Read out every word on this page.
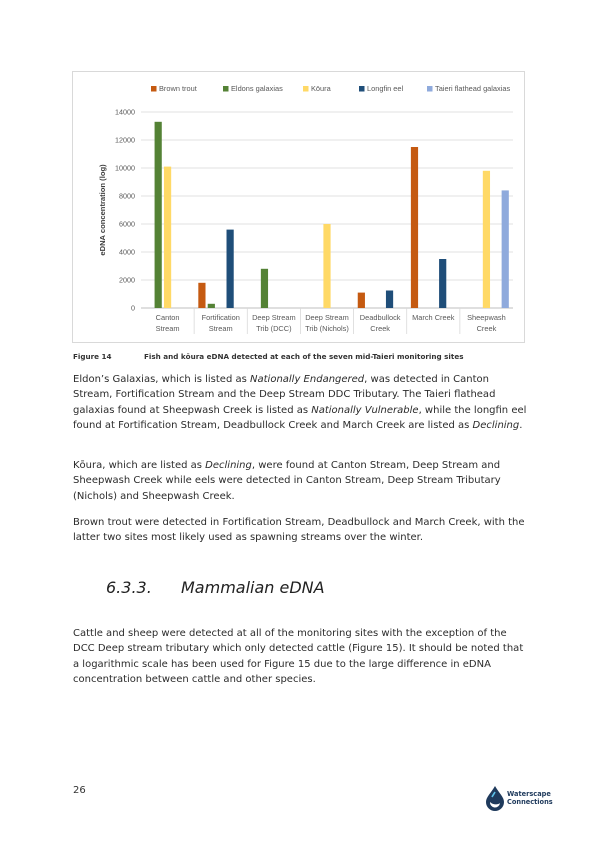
0
2000
4000
6000
8000
10000
12000
14000
eDNA concentration (log)
Canton
Stream
Fortification
Stream
Deep Stream
Trib (DCC)
Deep Stream
Trib (Nichols)
Deadbullock
Creek
March Creek Sheepwash
Creek
Brown trout	Eldons galaxias	Kōura	Longfin eel	Taieri flathead galaxias
Figure 14	Fish and kōura eDNA detected at each of the seven mid-Taieri monitoring sites

Eldon’s Galaxias, which is listed as Nationally Endangered, was detected in Canton Stream, Fortification Stream and the Deep Stream DDC Tributary. The Taieri flathead galaxias found at Sheepwash Creek is listed as Nationally Vulnerable, while the longfin eel found at Fortification Stream, Deadbullock Creek and March Creek are listed as Declining.

Kōura, which are listed as Declining, were found at Canton Stream, Deep Stream and Sheepwash Creek while eels were detected in Canton Stream, Deep Stream Tributary (Nichols) and Sheepwash Creek.

Brown trout were detected in Fortification Stream, Deadbullock and March Creek, with the latter two sites most likely used as spawning streams over the winter.

6.3.3. Mammalian eDNA

Cattle and sheep were detected at all of the monitoring sites with the exception of the DCC Deep stream tributary which only detected cattle (Figure 15). It should be noted that a logarithmic scale has been used for Figure 15 due to the large difference in eDNA concentration between cattle and other species.

26	Waterscape
Connections
